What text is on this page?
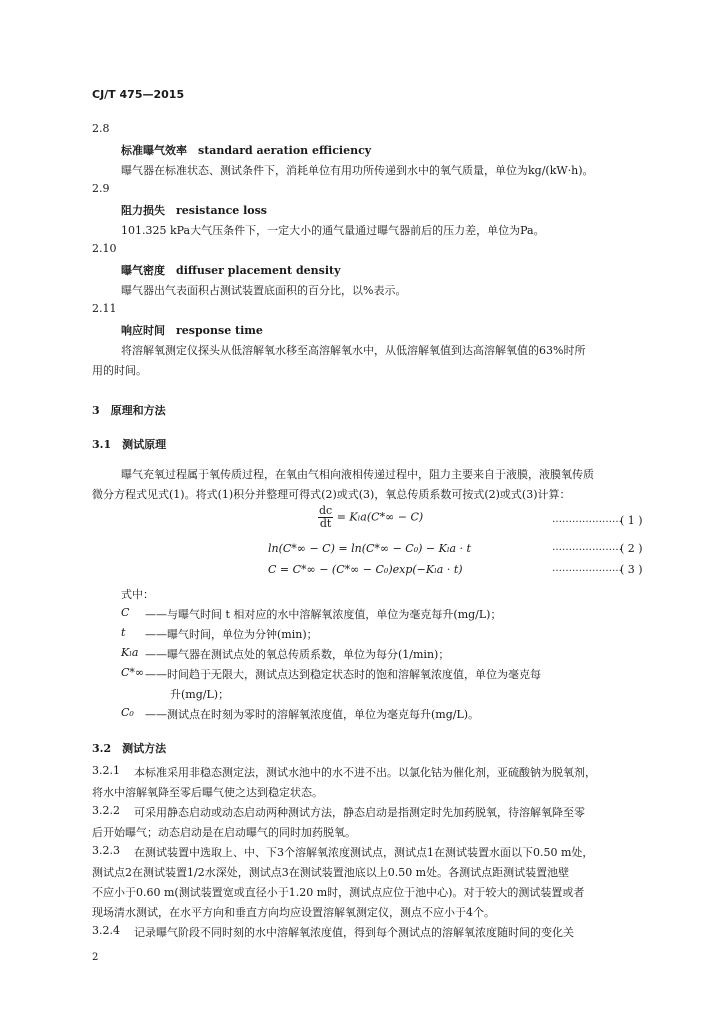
CJ/T 475—2015
2.8
标准曝气效率　standard aeration efficiency
曝气器在标准状态、测试条件下，消耗单位有用功所传递到水中的氧气质量，单位为kg/(kW·h)。
2.9
阻力损失　resistance loss
101.325 kPa大气压条件下，一定大小的通气量通过曝气器前后的压力差，单位为Pa。
2.10
曝气密度　diffuser placement density
曝气器出气表面积占测试装置底面积的百分比，以%表示。
2.11
响应时间　response time
将溶解氧测定仪探头从低溶解氧水移至高溶解氧水中，从低溶解氧值到达高溶解氧值的63%时所
用的时间。
3　原理和方法
3.1　测试原理
曝气充氧过程属于氧传质过程，在氧由气相向液相传递过程中，阻力主要来自于液膜，液膜氧传质
微分方程式见式(1)。将式(1)积分并整理可得式(2)或式(3)，氧总传质系数可按式(2)或式(3)计算：
$\frac{dc}{dt} = K_la(C*\infty - C)$	…………………
( 1 )
ln(C*∞ − C) = ln(C*∞ − C₀) − Kₗa · t	…………………
( 2 )
C = C*∞ − (C*∞ − C₀)exp(−Kₗa · t)	…………………
( 3 )
式中：
C ——与曝气时间 t 相对应的水中溶解氧浓度值，单位为毫克每升(mg/L)；
t ——曝气时间，单位为分钟(min)；
Kₗa ——曝气器在测试点处的氧总传质系数，单位为每分(1/min)；
C*∞ ——时间趋于无限大，测试点达到稳定状态时的饱和溶解氧浓度值，单位为毫克每
升(mg/L)；
C₀ ——测试点在时刻为零时的溶解氧浓度值，单位为毫克每升(mg/L)。
3.2　测试方法
3.2.1 本标准采用非稳态测定法，测试水池中的水不进不出。以氯化钴为催化剂，亚硫酸钠为脱氧剂，
将水中溶解氧降至零后曝气使之达到稳定状态。
3.2.2 可采用静态启动或动态启动两种测试方法，静态启动是指测定时先加药脱氧，待溶解氧降至零
后开始曝气；动态启动是在启动曝气的同时加药脱氧。
3.2.3 在测试装置中选取上、中、下3个溶解氧浓度测试点，测试点1在测试装置水面以下0.50 m处，
测试点2在测试装置1/2水深处，测试点3在测试装置池底以上0.50 m处。各测试点距测试装置池壁
不应小于0.60 m(测试装置宽或直径小于1.20 m时，测试点应位于池中心)。对于较大的测试装置或者
现场清水测试，在水平方向和垂直方向均应设置溶解氧测定仪，测点不应小于4个。
3.2.4 记录曝气阶段不同时刻的水中溶解氧浓度值，得到每个测试点的溶解氧浓度随时间的变化关
2
